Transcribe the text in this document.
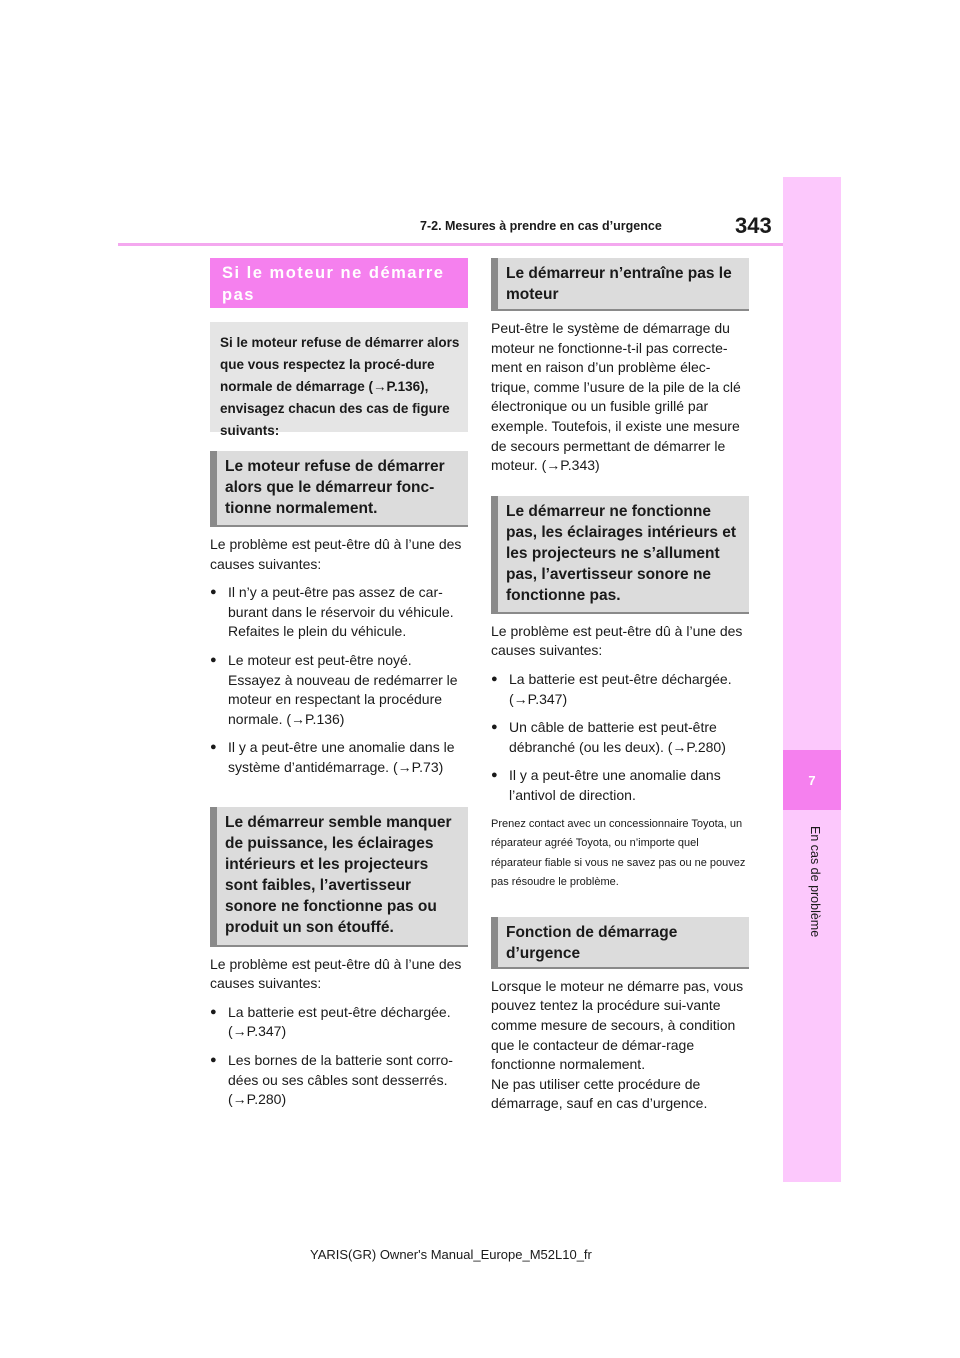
7
En cas de problème
7-2. Mesures à prendre en cas d’urgence	343
Si le moteur ne démarre pas
Si le moteur refuse de démarrer alors que vous respectez la procé-dure normale de démarrage (→P.136), envisagez chacun des cas de figure suivants:
Le moteur refuse de démarrer alors que le démarreur fonc-tionne normalement.
Le problème est peut-être dû à l’une des causes suivantes:
● Il n’y a peut-être pas assez de car-burant dans le réservoir du véhicule. Refaites le plein du véhicule.
● Le moteur est peut-être noyé. Essayez à nouveau de redémarrer le moteur en respectant la procédure normale. (→P.136)
● Il y a peut-être une anomalie dans le système d’antidémarrage. (→P.73)
Le démarreur semble manquer de puissance, les éclairages intérieurs et les projecteurs sont faibles, l’avertisseur sonore ne fonctionne pas ou produit un son étouffé.
Le problème est peut-être dû à l’une des causes suivantes:
● La batterie est peut-être déchargée. (→P.347)
● Les bornes de la batterie sont corro-dées ou ses câbles sont desserrés. (→P.280)
Le démarreur n’entraîne pas le moteur
Peut-être le système de démarrage du moteur ne fonctionne-t-il pas correcte-ment en raison d’un problème élec-trique, comme l’usure de la pile de la clé électronique ou un fusible grillé par exemple. Toutefois, il existe une mesure de secours permettant de démarrer le moteur. (→P.343)
Le démarreur ne fonctionne pas, les éclairages intérieurs et les projecteurs ne s’allument pas, l’avertisseur sonore ne fonctionne pas.
Le problème est peut-être dû à l’une des causes suivantes:
● La batterie est peut-être déchargée. (→P.347)
● Un câble de batterie est peut-être débranché (ou les deux). (→P.280)
● Il y a peut-être une anomalie dans l’antivol de direction.
Prenez contact avec un concessionnaire Toyota, un réparateur agréé Toyota, ou n’importe quel réparateur fiable si vous ne savez pas ou ne pouvez pas résoudre le problème.
Fonction de démarrage d’urgence
Lorsque le moteur ne démarre pas, vous pouvez tentez la procédure sui-vante comme mesure de secours, à condition que le contacteur de démar-rage fonctionne normalement.
Ne pas utiliser cette procédure de démarrage, sauf en cas d’urgence.
YARIS(GR) Owner's Manual_Europe_M52L10_fr
